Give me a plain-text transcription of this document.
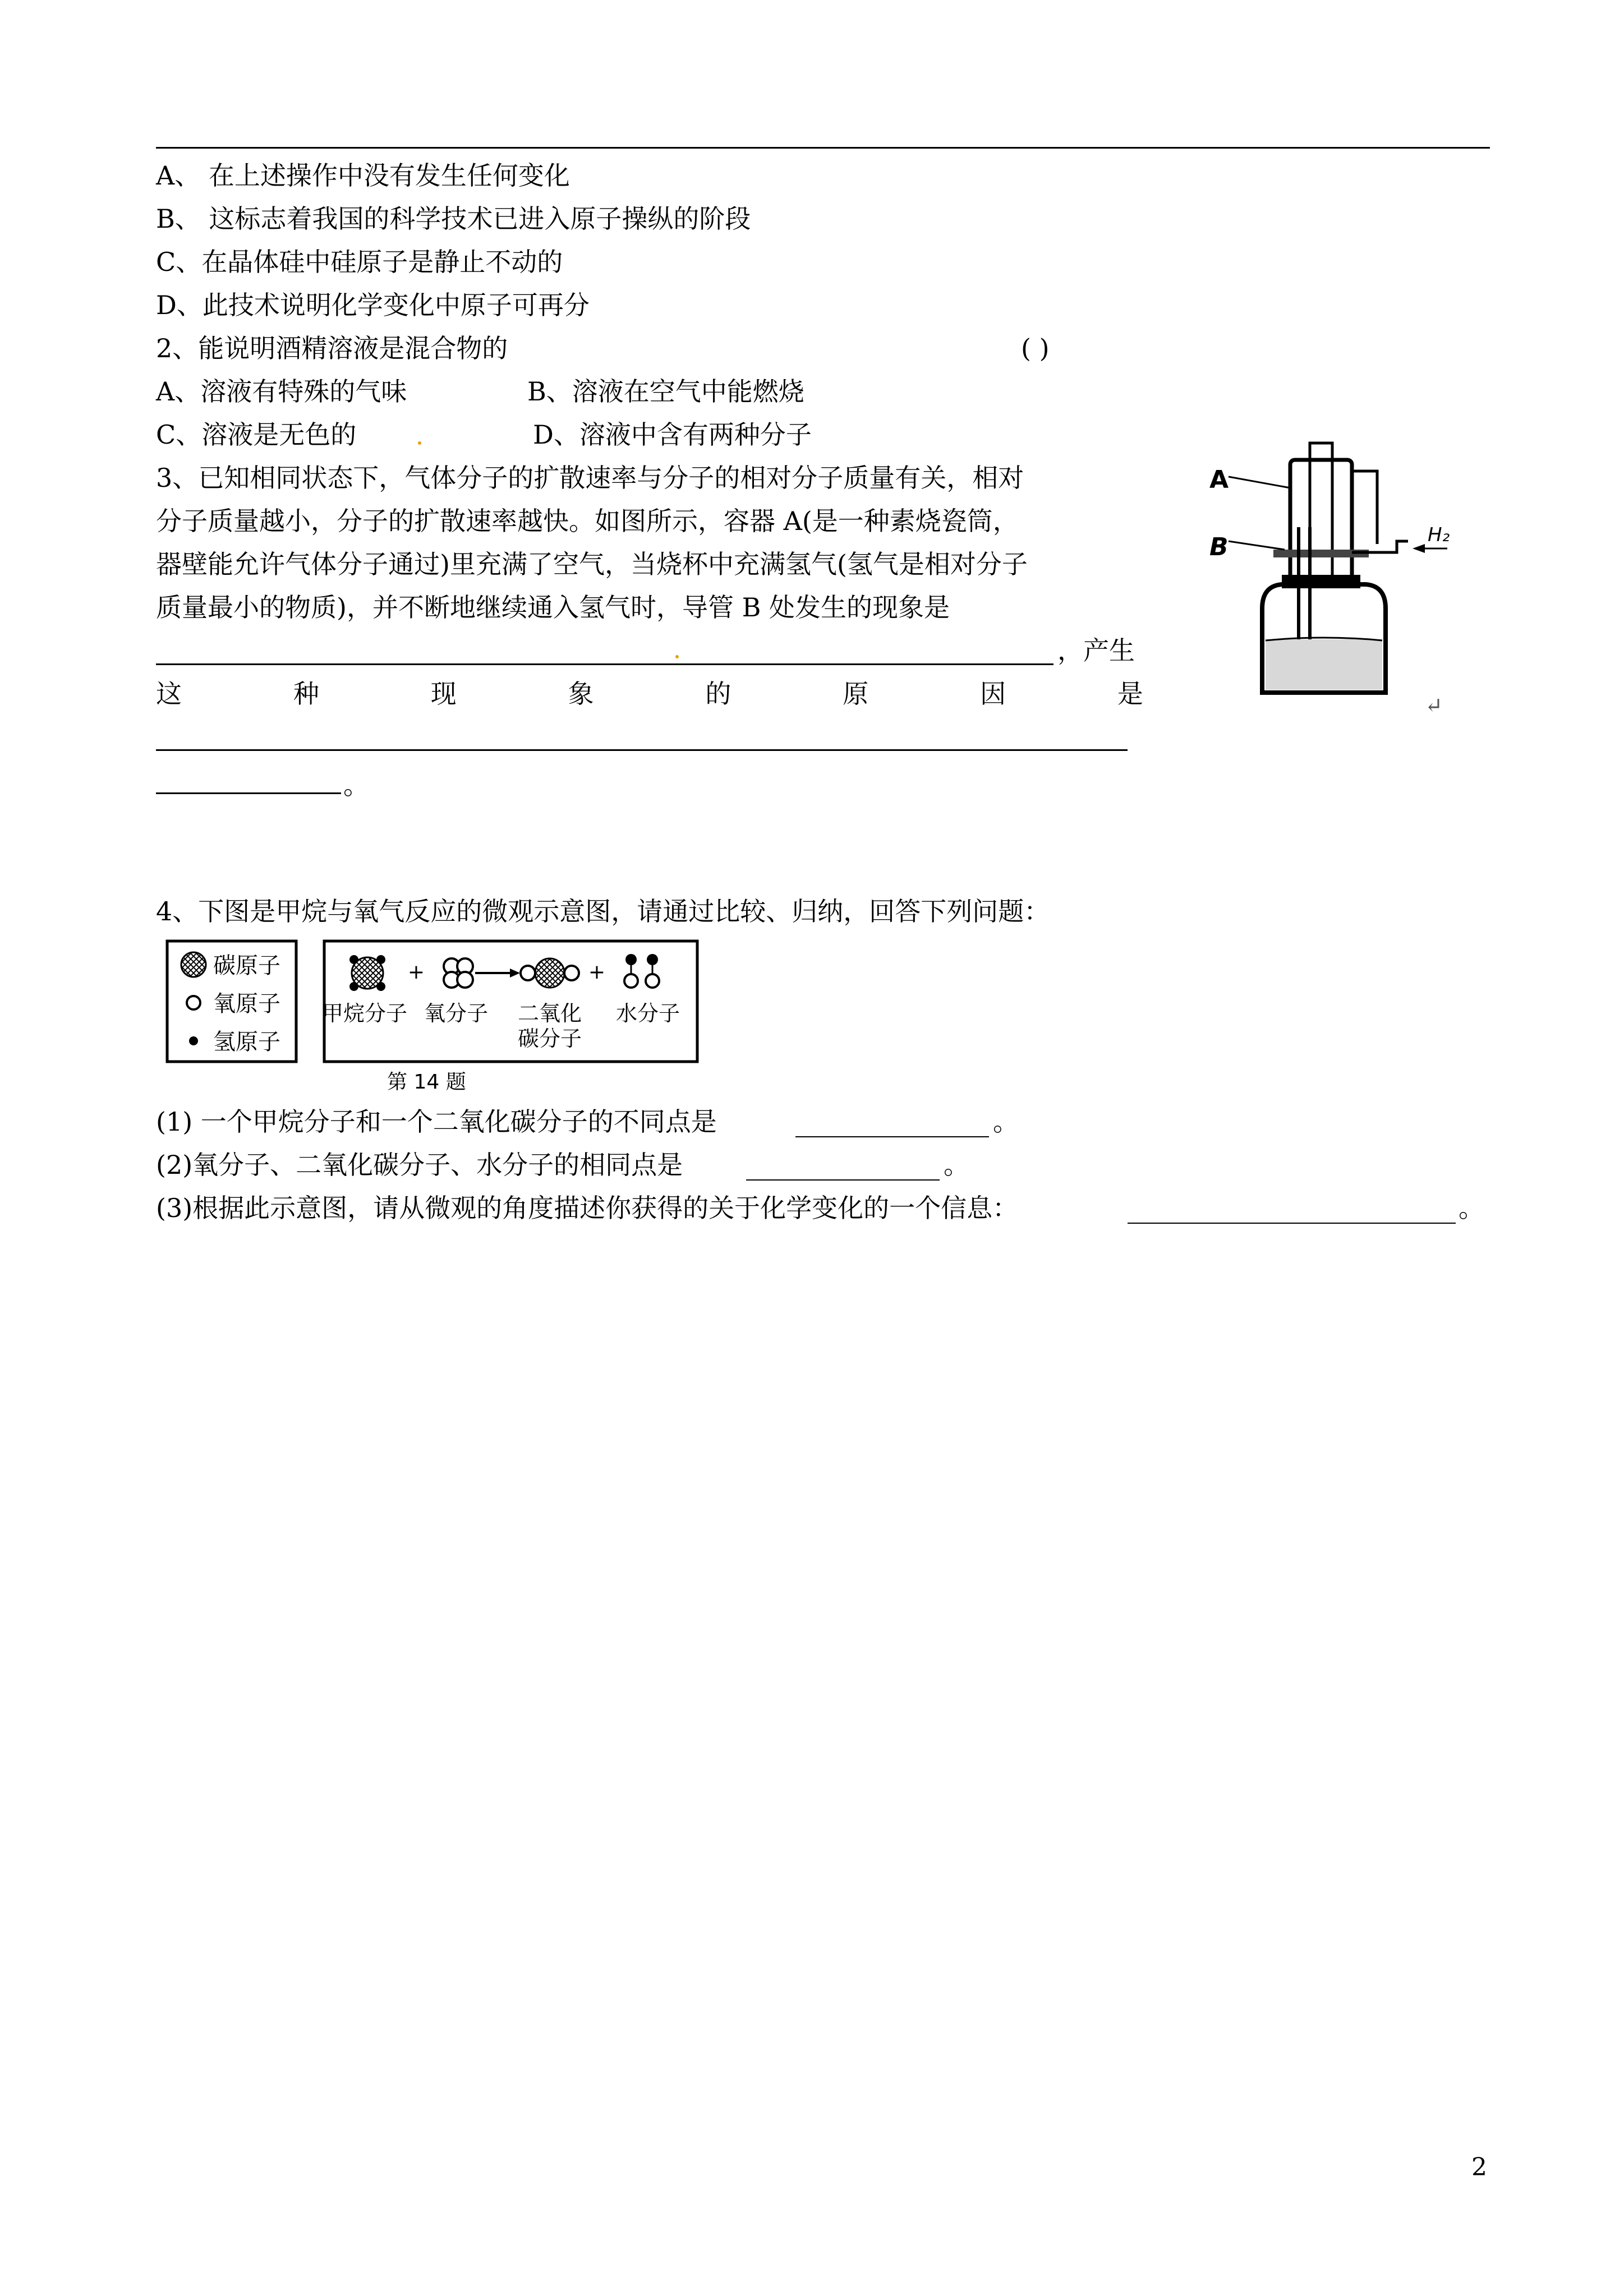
A、 在上述操作中没有发生任何变化
B、 这标志着我国的科学技术已进入原子操纵的阶段
C、在晶体硅中硅原子是静止不动的
D、此技术说明化学变化中原子可再分
2、能说明酒精溶液是混合物的	( )
A、溶液有特殊的气味	B、溶液在空气中能燃烧
C、溶液是无色的	D、溶液中含有两种分子
3、已知相同状态下，气体分子的扩散速率与分子的相对分子质量有关，相对
分子质量越小，分子的扩散速率越快。如图所示，容器 A(是一种素烧瓷筒，
器壁能允许气体分子通过)里充满了空气，当烧杯中充满氢气(氢气是相对分子
质量最小的物质)，并不断地继续通入氢气时，导管 B 处发生的现象是
，产生
这	种	现	象	的	原	因	是
。
A
B	H₂
↵
4、下图是甲烷与氧气反应的微观示意图，请通过比较、归纳，回答下列问题：
碳原子
氧原子
氢原子
+	+
甲烷分子 氧分子 二氧化
碳分子
水分子
第 14 题
(1) 一个甲烷分子和一个二氧化碳分子的不同点是	。
(2)氧分子、二氧化碳分子、水分子的相同点是	。
(3)根据此示意图，请从微观的角度描述你获得的关于化学变化的一个信息：	。
2
